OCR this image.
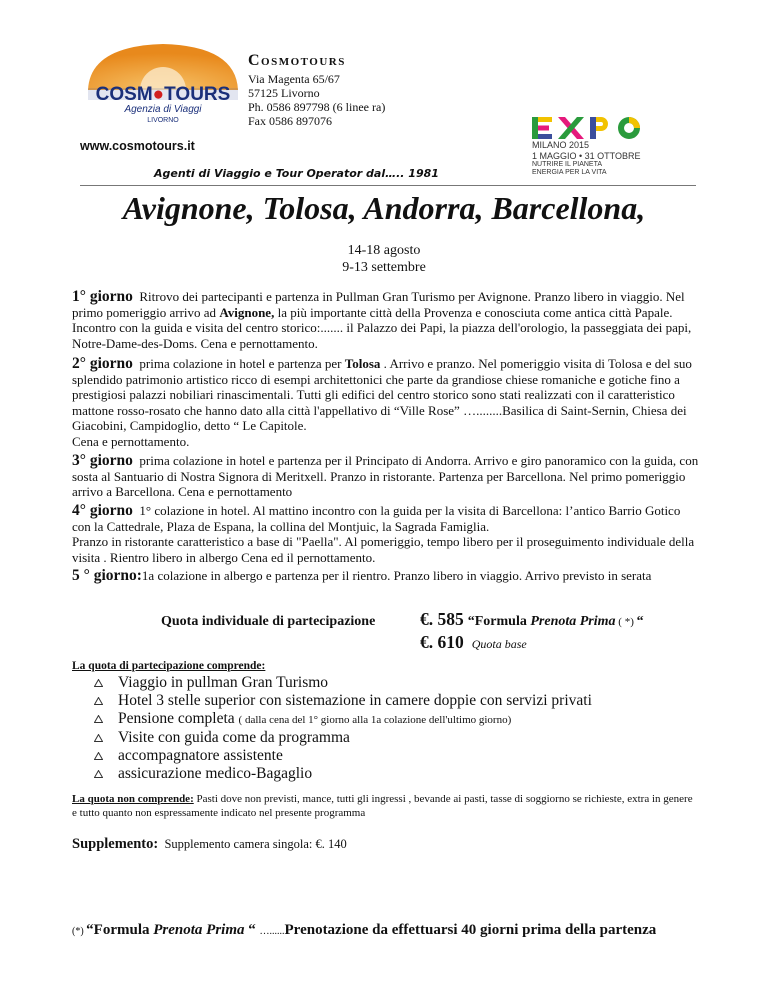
COSM●TOURS
Agenzia di Viaggi
LIVORNO
Cosmotours
Via Magenta 65/67
57125 Livorno
Ph. 0586 897798 (6 linee ra)
Fax 0586 897076
www.cosmotours.it
Agenti di Viaggio e Tour Operator dal….. 1981
MILANO 2015
1 MAGGIO • 31 OTTOBRE
NUTRIRE IL PIANETA
ENERGIA PER LA VITA
Avignone, Tolosa, Andorra, Barcellona,
14-18 agosto
9-13 settembre

1° giorno Ritrovo dei partecipanti e partenza in Pullman Gran Turismo per Avignone. Pranzo libero in viaggio. Nel primo pomeriggio arrivo ad Avignone, la più importante città della Provenza e conosciuta come antica città Papale. Incontro con la guida e visita del centro storico:....... il Palazzo dei Papi, la piazza dell'orologio, la passeggiata dei papi, Notre-Dame-des-Doms. Cena e pernottamento.

2° giorno prima colazione in hotel e partenza per Tolosa . Arrivo e pranzo. Nel pomeriggio visita di Tolosa e del suo splendido patrimonio artistico ricco di esempi architettonici che parte da grandiose chiese romaniche e gotiche fino a prestigiosi palazzi nobiliari rinascimentali. Tutti gli edifici del centro storico sono stati realizzati con il caratteristico mattone rosso-rosato che hanno dato alla città l'appellativo di “Ville Rose” …........Basilica di Saint-Sernin, Chiesa dei Giacobini, Campidoglio, detto “ Le Capitole.
Cena e pernottamento.

3° giorno prima colazione in hotel e partenza per il Principato di Andorra. Arrivo e giro panoramico con la guida, con sosta al Santuario di Nostra Signora di Meritxell. Pranzo in ristorante. Partenza per Barcellona. Nel primo pomeriggio arrivo a Barcellona. Cena e pernottamento

4° giorno 1° colazione in hotel. Al mattino incontro con la guida per la visita di Barcellona: l’antico Barrio Gotico con la Cattedrale, Plaza de Espana, la collina del Montjuic, la Sagrada Famiglia.
Pranzo in ristorante caratteristico a base di "Paella". Al pomeriggio, tempo libero per il proseguimento individuale della visita . Rientro libero in albergo Cena ed il pernottamento.

5 ° giorno:1a colazione in albergo e partenza per il rientro. Pranzo libero in viaggio. Arrivo previsto in serata

Quota individuale di partecipazione	€. 585 “Formula Prenota Prima ( *) “
€. 610 Quota base
La quota di partecipazione comprende:
Viaggio in pullman Gran Turismo
Hotel 3 stelle superior con sistemazione in camere doppie con servizi privati
Pensione completa ( dalla cena del 1° giorno alla 1a colazione dell'ultimo giorno)
Visite con guida come da programma
accompagnatore assistente
assicurazione medico-Bagaglio

La quota non comprende: Pasti dove non previsti, mance, tutti gli ingressi , bevande ai pasti, tasse di soggiorno se richieste, extra in genere e tutto quanto non espressamente indicato nel presente programma

Supplemento: Supplemento camera singola: €. 140
(*) “Formula Prenota Prima “ …......Prenotazione da effettuarsi 40 giorni prima della partenza
